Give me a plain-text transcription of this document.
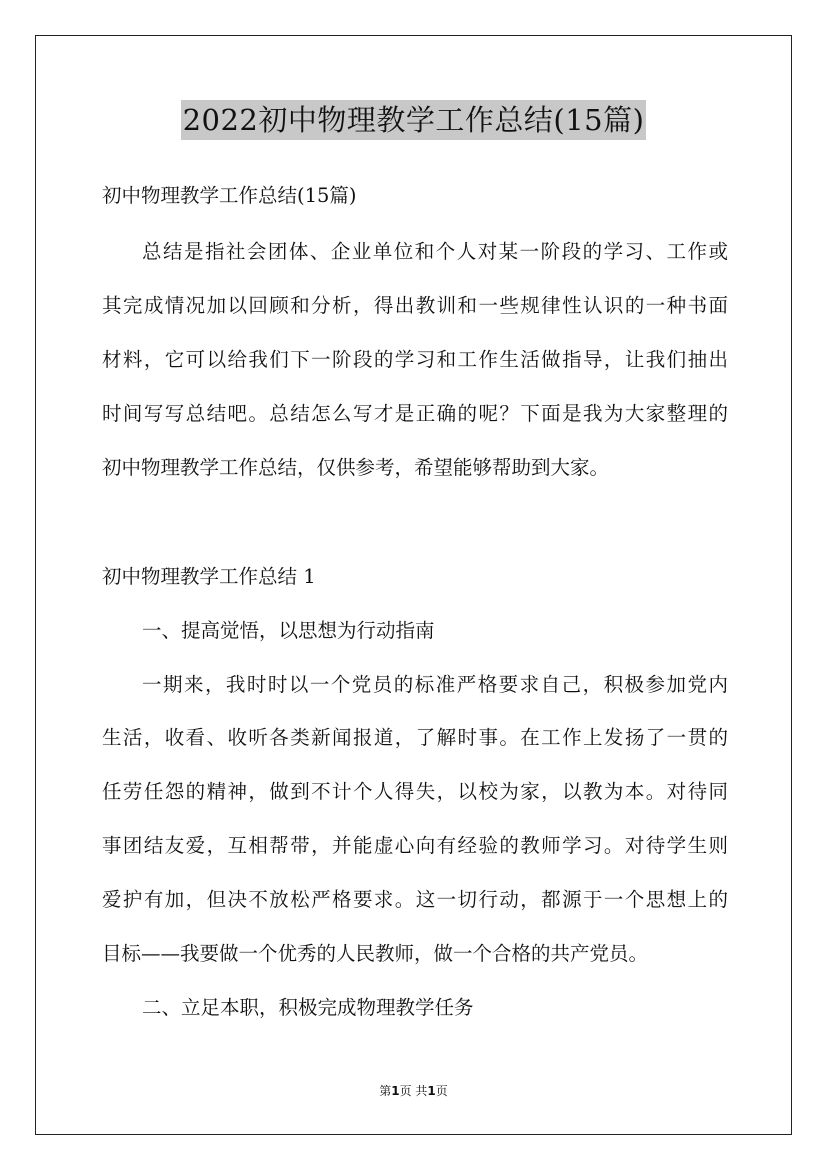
2022初中物理教学工作总结(15篇)
初中物理教学工作总结(15篇)
总结是指社会团体、企业单位和个人对某一阶段的学习、工作或
其完成情况加以回顾和分析，得出教训和一些规律性认识的一种书面
材料，它可以给我们下一阶段的学习和工作生活做指导，让我们抽出
时间写写总结吧。总结怎么写才是正确的呢？下面是我为大家整理的
初中物理教学工作总结，仅供参考，希望能够帮助到大家。
初中物理教学工作总结 1
一、提高觉悟，以思想为行动指南
一期来，我时时以一个党员的标准严格要求自己，积极参加党内
生活，收看、收听各类新闻报道，了解时事。在工作上发扬了一贯的
任劳任怨的精神，做到不计个人得失，以校为家，以教为本。对待同
事团结友爱，互相帮带，并能虚心向有经验的教师学习。对待学生则
爱护有加，但决不放松严格要求。这一切行动，都源于一个思想上的
目标——我要做一个优秀的人民教师，做一个合格的共产党员。
二、立足本职，积极完成物理教学任务
第1页 共1页
